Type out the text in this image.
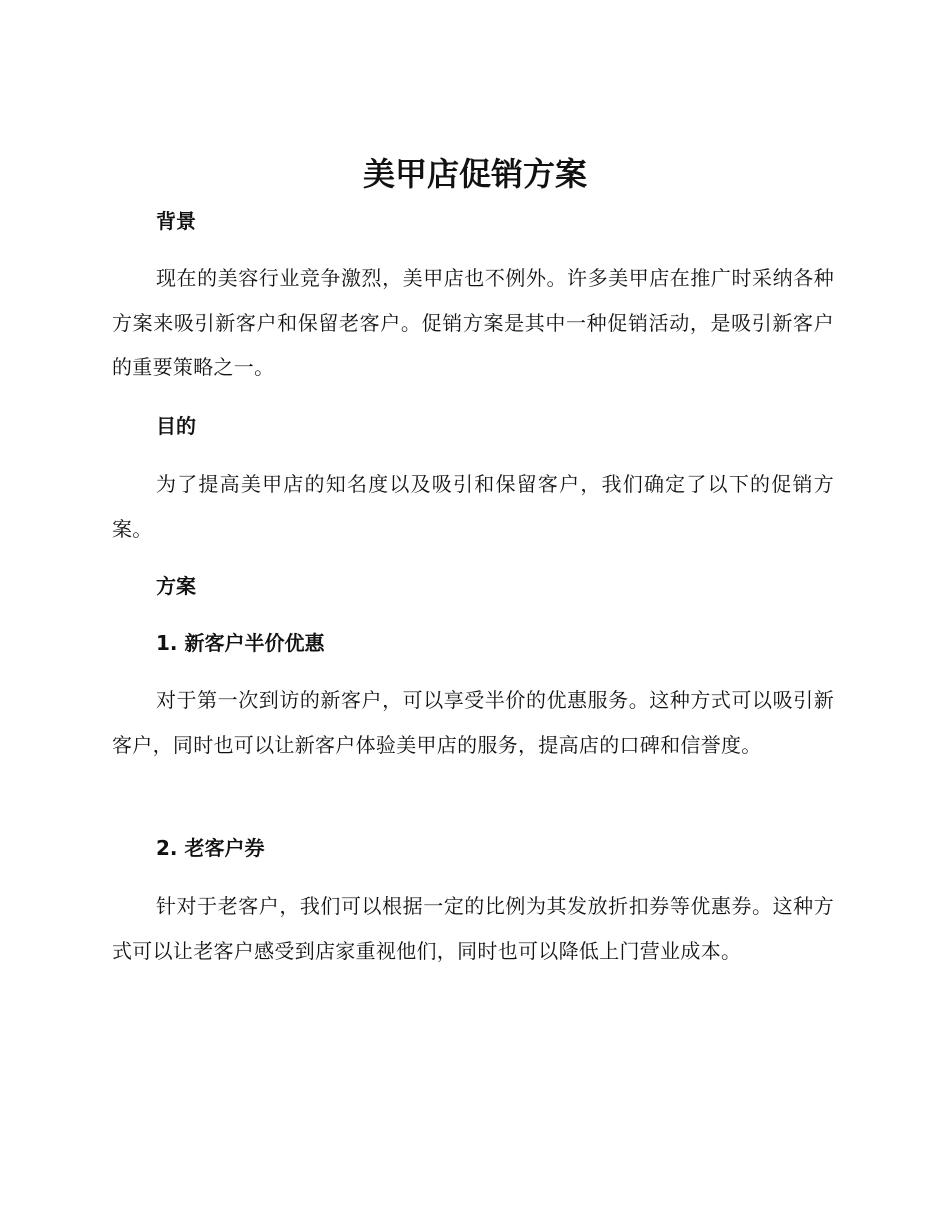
美甲店促销方案
背景

现在的美容行业竞争激烈，美甲店也不例外。许多美甲店在推广时采纳各种方案来吸引新客户和保留老客户。促销方案是其中一种促销活动，是吸引新客户的重要策略之一。

目的

为了提高美甲店的知名度以及吸引和保留客户，我们确定了以下的促销方案。

方案
1. 新客户半价优惠

对于第一次到访的新客户，可以享受半价的优惠服务。这种方式可以吸引新客户，同时也可以让新客户体验美甲店的服务，提高店的口碑和信誉度。

2. 老客户券

针对于老客户，我们可以根据一定的比例为其发放折扣券等优惠券。这种方式可以让老客户感受到店家重视他们，同时也可以降低上门营业成本。
